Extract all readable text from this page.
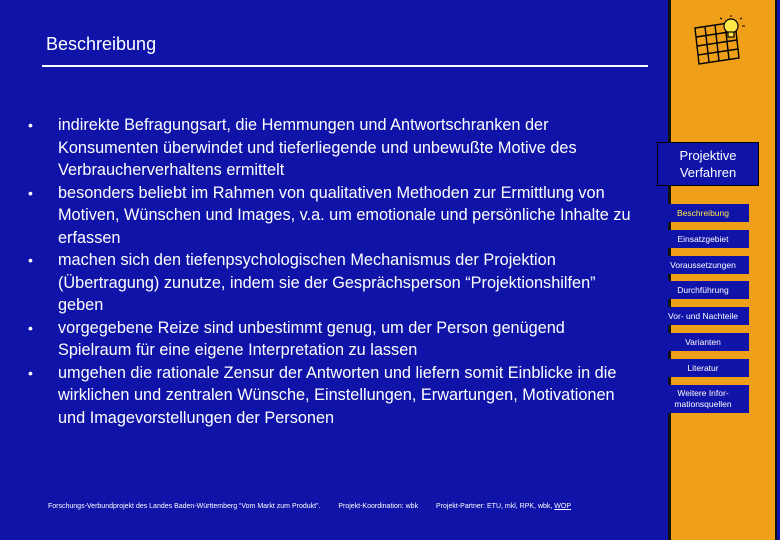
Beschreibung
•	indirekte Befragungsart, die Hemmungen und Antwortschranken der Konsumenten überwindet und tieferliegende und unbewußte Motive des Verbraucherverhaltens ermittelt
•	besonders beliebt im Rahmen von qualitativen Methoden zur Ermittlung von Motiven, Wünschen und Images, v.a. um emotionale und persönliche Inhalte zu erfassen
•	machen sich den tiefenpsychologischen Mechanismus der Projektion (Übertragung) zunutze, indem sie der Gesprächsperson “Projektionshilfen” geben
•	vorgegebene Reize sind unbestimmt genug, um der Person genügend Spielraum für eine eigene Interpretation zu lassen
•	umgehen die rationale Zensur der Antworten und liefern somit Einblicke in die wirklichen und zentralen Wünsche, Einstellungen, Erwartungen, Motivationen und Imagevorstellungen der Personen
Forschungs-Verbundprojekt des Landes Baden-Württemberg “Vom Markt zum Produkt”.	Projekt-Koordination: wbk	Projekt-Partner: ETU, mkl, RPK, wbk, WOP
Projektive
Verfahren
Beschreibung
Einsatzgebiet
Voraussetzungen
Durchführung
Vor- und Nachteile
Varianten
Literatur
Weitere Infor-
mationsquellen
